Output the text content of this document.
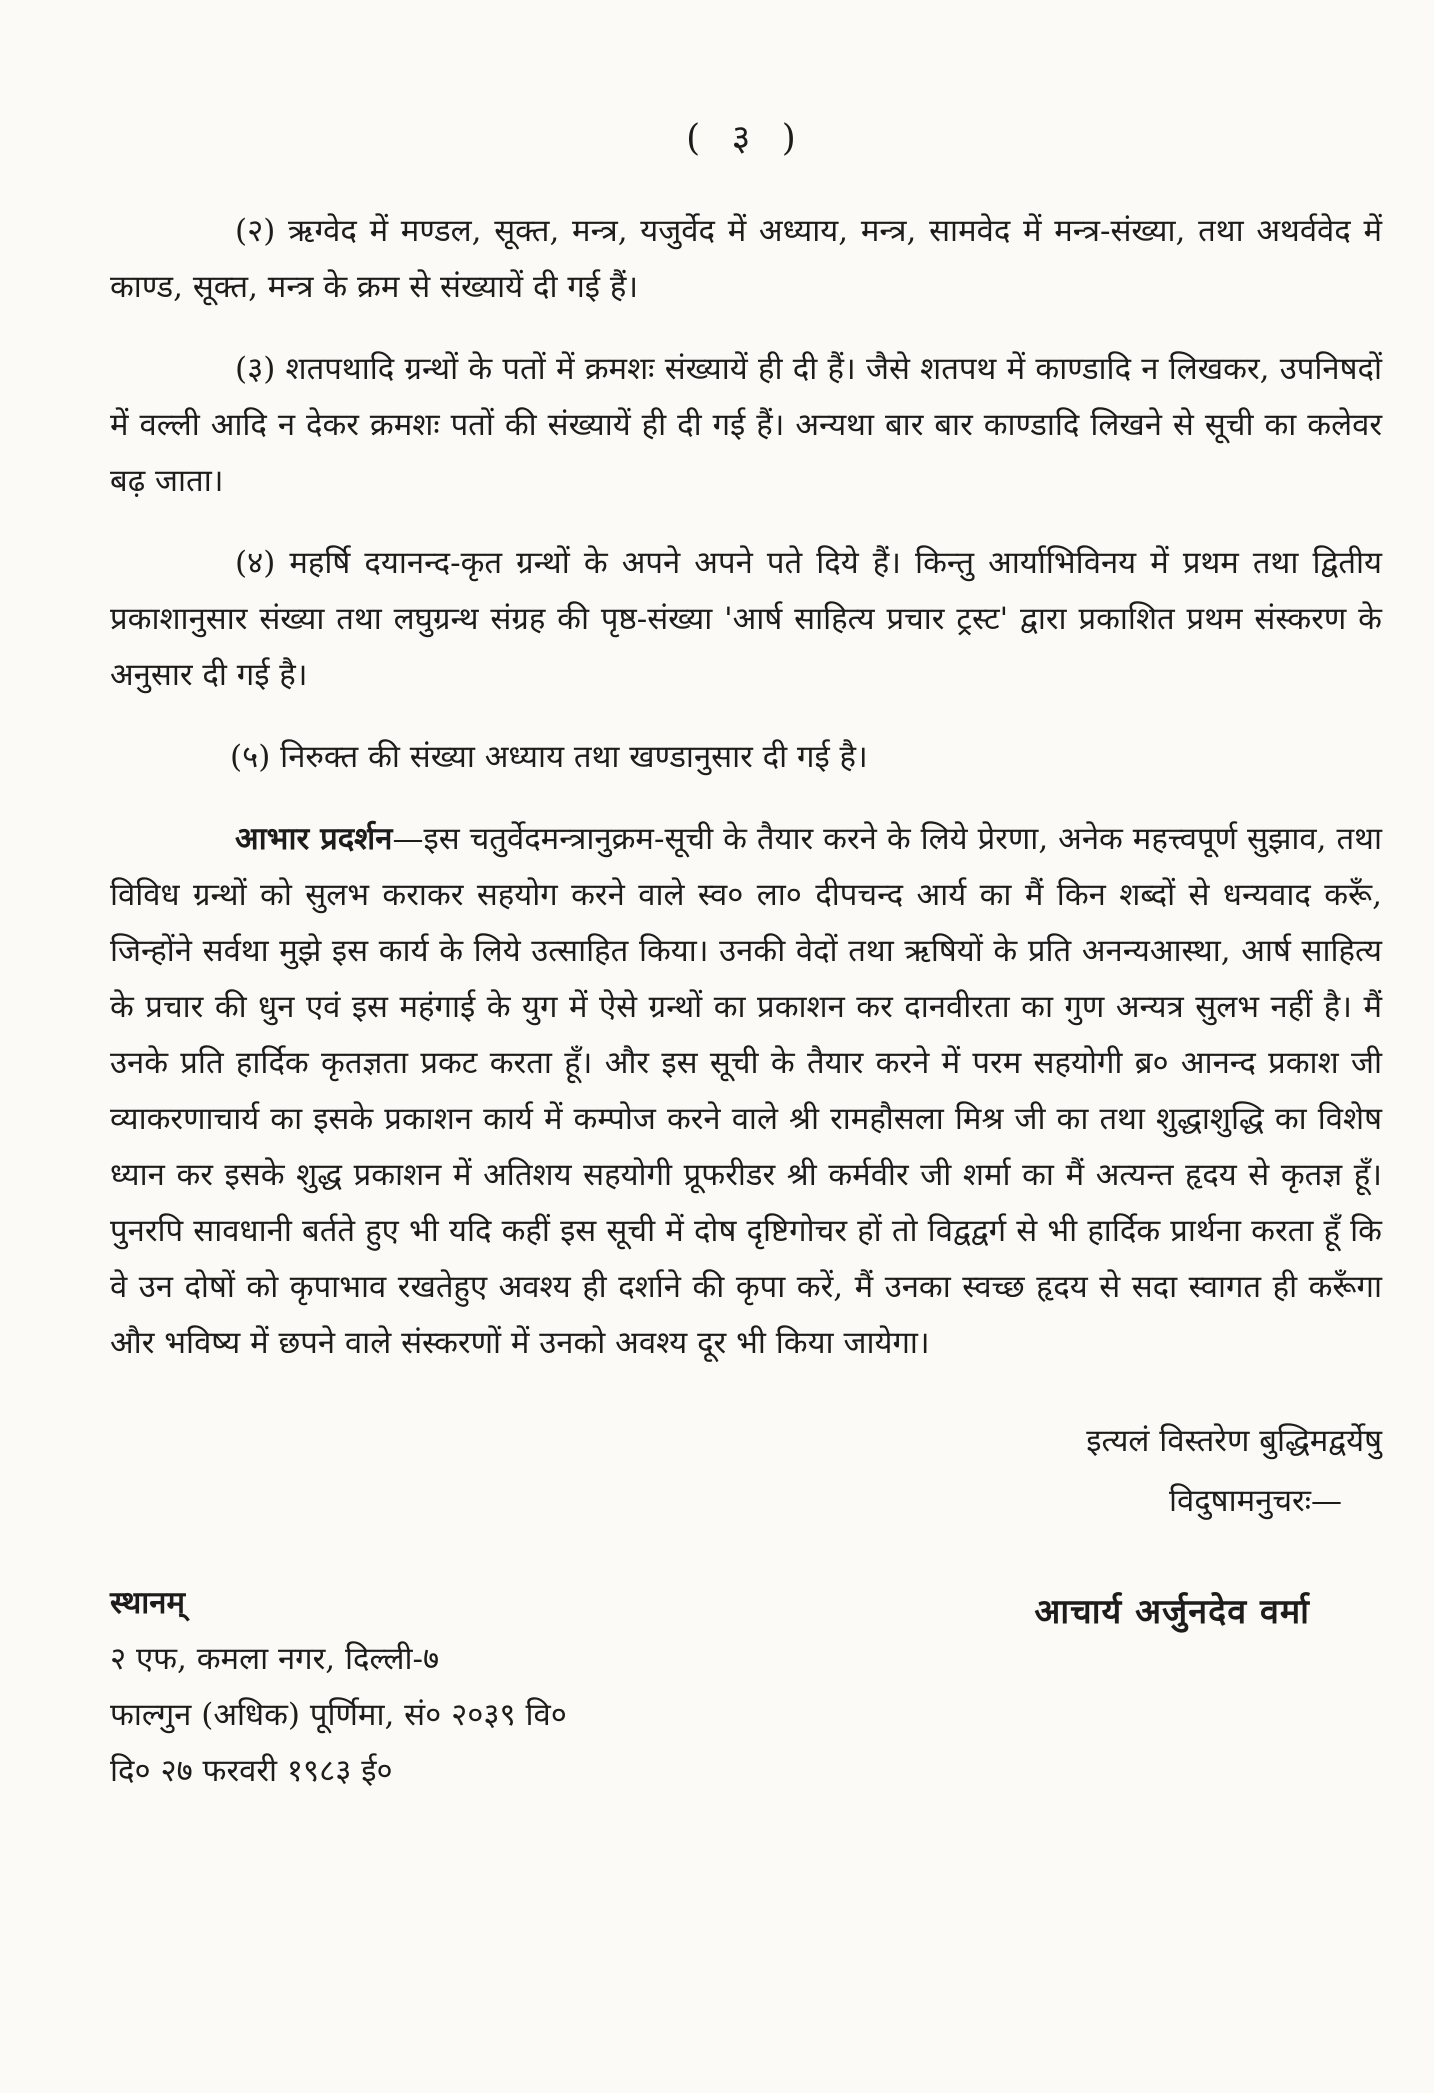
( ३ )

(२) ऋग्वेद में मण्डल, सूक्त, मन्त्र, यजुर्वेद में अध्याय, मन्त्र, सामवेद में मन्त्र-संख्या, तथा अथर्ववेद में काण्ड, सूक्त, मन्त्र के क्रम से संख्यायें दी गई हैं।

(३) शतपथादि ग्रन्थों के पतों में क्रमशः संख्यायें ही दी हैं। जैसे शतपथ में काण्डादि न लिखकर, उपनिषदों में वल्ली आदि न देकर क्रमशः पतों की संख्यायें ही दी गई हैं। अन्यथा बार बार काण्डादि लिखने से सूची का कलेवर बढ़ जाता।

(४) महर्षि दयानन्द-कृत ग्रन्थों के अपने अपने पते दिये हैं। किन्तु आर्याभिविनय में प्रथम तथा द्वितीय प्रकाशानुसार संख्या तथा लघुग्रन्थ संग्रह की पृष्ठ-संख्या 'आर्ष साहित्य प्रचार ट्रस्ट' द्वारा प्रकाशित प्रथम संस्करण के अनुसार दी गई है।

(५) निरुक्त की संख्या अध्याय तथा खण्डानुसार दी गई है।

आभार प्रदर्शन—इस चतुर्वेदमन्त्रानुक्रम-सूची के तैयार करने के लिये प्रेरणा, अनेक महत्त्वपूर्ण सुझाव, तथा विविध ग्रन्थों को सुलभ कराकर सहयोग करने वाले स्व० ला० दीपचन्द आर्य का मैं किन शब्दों से धन्यवाद करूँ, जिन्होंने सर्वथा मुझे इस कार्य के लिये उत्साहित किया। उनकी वेदों तथा ऋषियों के प्रति अनन्यआस्था, आर्ष साहित्य के प्रचार की धुन एवं इस महंगाई के युग में ऐसे ग्रन्थों का प्रकाशन कर दानवीरता का गुण अन्यत्र सुलभ नहीं है। मैं उनके प्रति हार्दिक कृतज्ञता प्रकट करता हूँ। और इस सूची के तैयार करने में परम सहयोगी ब्र० आनन्द प्रकाश जी व्याकरणाचार्य का इसके प्रकाशन कार्य में कम्पोज करने वाले श्री रामहौसला मिश्र जी का तथा शुद्धाशुद्धि का विशेष ध्यान कर इसके शुद्ध प्रकाशन में अतिशय सहयोगी प्रूफरीडर श्री कर्मवीर जी शर्मा का मैं अत्यन्त हृदय से कृतज्ञ हूँ। पुनरपि सावधानी बर्तते हुए भी यदि कहीं इस सूची में दोष दृष्टिगोचर हों तो विद्वद्वर्ग से भी हार्दिक प्रार्थना करता हूँ कि वे उन दोषों को कृपाभाव रखतेहुए अवश्य ही दर्शाने की कृपा करें, मैं उनका स्वच्छ हृदय से सदा स्वागत ही करूँगा और भविष्य में छपने वाले संस्करणों में उनको अवश्य दूर भी किया जायेगा।

इत्यलं विस्तरेण बुद्धिमद्वर्येषु
विदुषामनुचरः—
स्थानम्
२ एफ, कमला नगर, दिल्ली-७
फाल्गुन (अधिक) पूर्णिमा, सं० २०३९ वि०
दि० २७ फरवरी १९८३ ई०
आचार्य अर्जुनदेव वर्मा
